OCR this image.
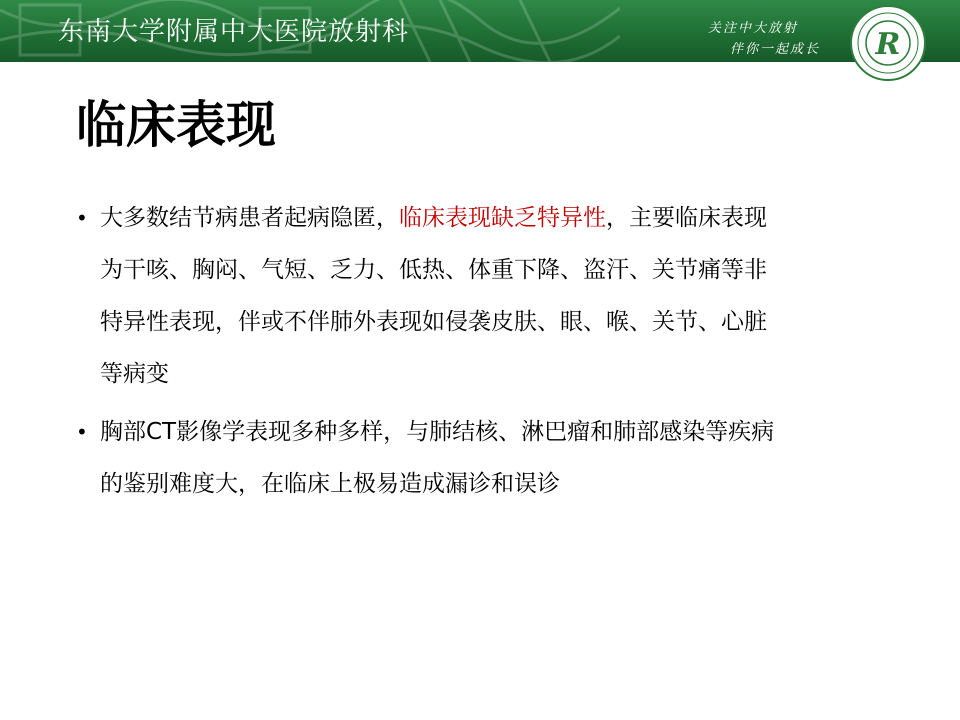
东南大学附属中大医院放射科	关注中大放射
伴你一起成长 R
临床表现
• 大多数结节病患者起病隐匿，临床表现缺乏特异性，主要临床表现
为干咳、胸闷、气短、乏力、低热、体重下降、盗汗、关节痛等非
特异性表现，伴或不伴肺外表现如侵袭皮肤、眼、喉、关节、心脏
等病变
• 胸部CT影像学表现多种多样，与肺结核、淋巴瘤和肺部感染等疾病
的鉴别难度大，在临床上极易造成漏诊和误诊
